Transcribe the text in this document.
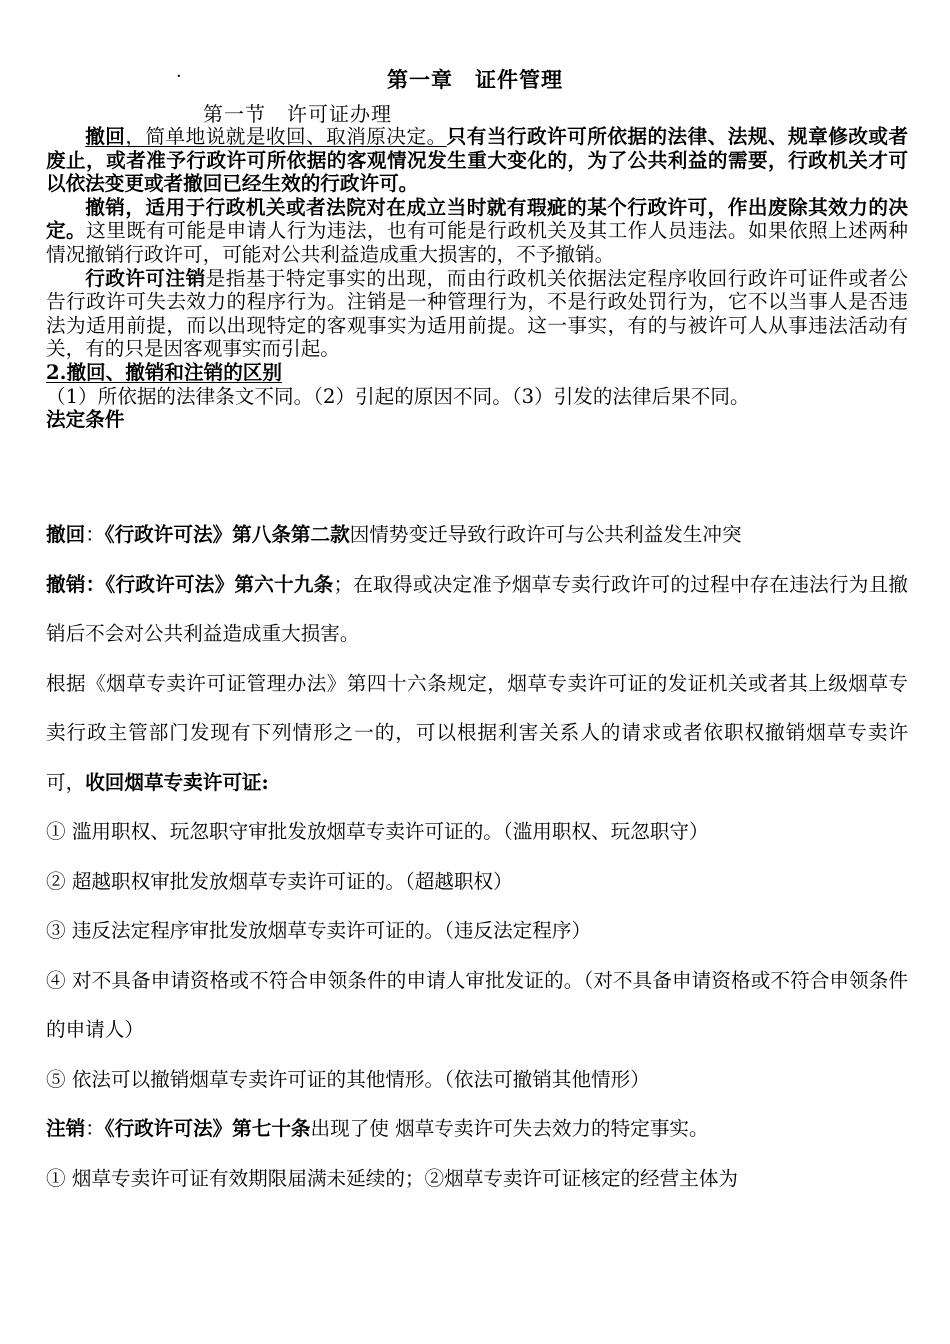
·	第一章　证件管理
第一节　许可证办理

撤回，简单地说就是收回、取消原决定。只有当行政许可所依据的法律、法规、规章修改或者废止，或者准予行政许可所依据的客观情况发生重大变化的，为了公共利益的需要，行政机关才可以依法变更或者撤回已经生效的行政许可。

撤销，适用于行政机关或者法院对在成立当时就有瑕疵的某个行政许可，作出废除其效力的决定。这里既有可能是申请人行为违法，也有可能是行政机关及其工作人员违法。如果依照上述两种情况撤销行政许可，可能对公共利益造成重大损害的，不予撤销。

行政许可注销是指基于特定事实的出现，而由行政机关依据法定程序收回行政许可证件或者公告行政许可失去效力的程序行为。注销是一种管理行为，不是行政处罚行为，它不以当事人是否违法为适用前提，而以出现特定的客观事实为适用前提。这一事实，有的与被许可人从事违法活动有关，有的只是因客观事实而引起。

2.撤回、撤销和注销的区别

（1）所依据的法律条文不同。（2）引起的原因不同。（3）引发的法律后果不同。

法定条件

撤回：《行政许可法》第八条第二款因情势变迁导致行政许可与公共利益发生冲突

撤销：《行政许可法》第六十九条；在取得或决定准予烟草专卖行政许可的过程中存在违法行为且撤销后不会对公共利益造成重大损害。

根据《烟草专卖许可证管理办法》第四十六条规定，烟草专卖许可证的发证机关或者其上级烟草专卖行政主管部门发现有下列情形之一的，可以根据利害关系人的请求或者依职权撤销烟草专卖许可，收回烟草专卖许可证:

① 滥用职权、玩忽职守审批发放烟草专卖许可证的。（滥用职权、玩忽职守）

② 超越职权审批发放烟草专卖许可证的。（超越职权）

③ 违反法定程序审批发放烟草专卖许可证的。（违反法定程序）

④ 对不具备申请资格或不符合申领条件的申请人审批发证的。（对不具备申请资格或不符合申领条件的申请人）

⑤ 依法可以撤销烟草专卖许可证的其他情形。（依法可撤销其他情形）

注销：《行政许可法》第七十条出现了使 烟草专卖许可失去效力的特定事实。

① 烟草专卖许可证有效期限届满未延续的；②烟草专卖许可证核定的经营主体为
